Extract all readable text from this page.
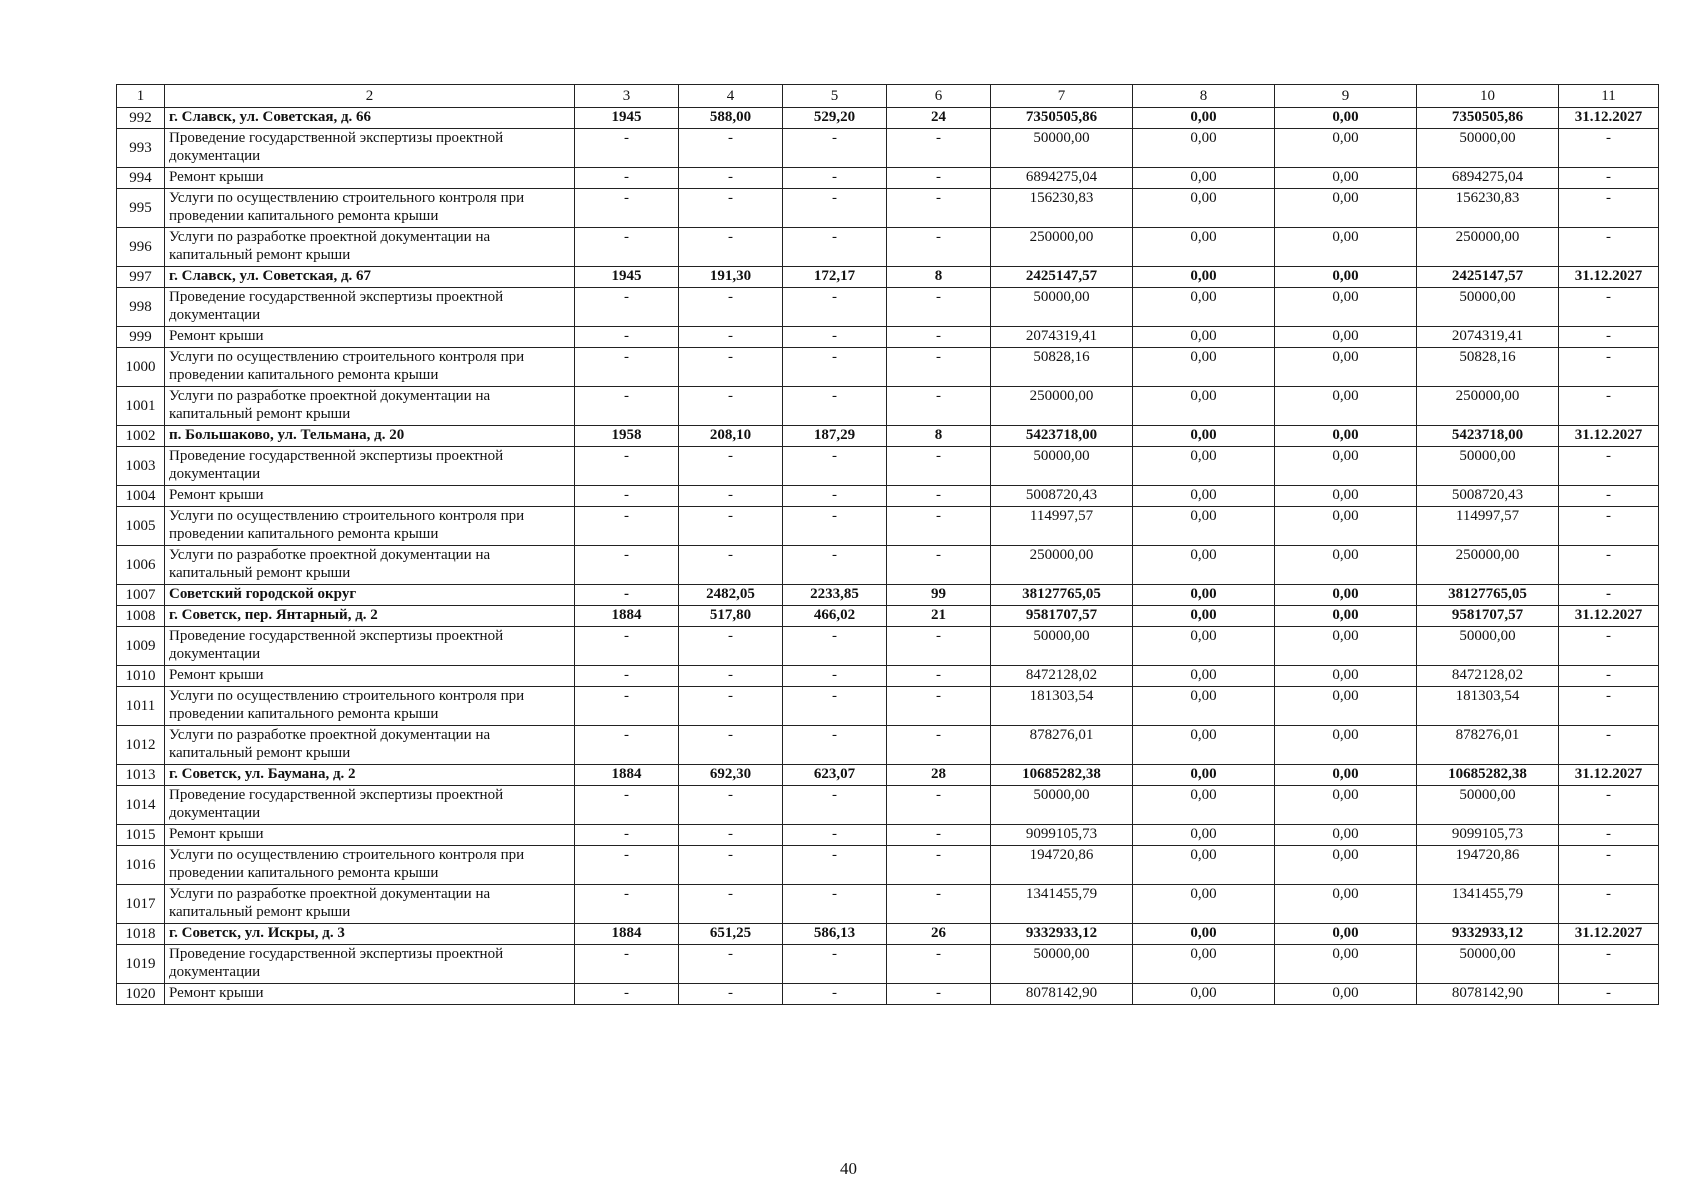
1	2	3	4	5	6	7	8	9	10	11
992	г. Славск, ул. Советская, д. 66	1945	588,00	529,20	24	7350505,86	0,00	0,00	7350505,86	31.12.2027
993	Проведение государственной экспертизы проектной документации	-	-	-	-	50000,00	0,00	0,00	50000,00	-
994	Ремонт крыши	-	-	-	-	6894275,04	0,00	0,00	6894275,04	-
995	Услуги по осуществлению строительного контроля при проведении капитального ремонта крыши	-	-	-	-	156230,83	0,00	0,00	156230,83	-
996	Услуги по разработке проектной документации на капитальный ремонт крыши	-	-	-	-	250000,00	0,00	0,00	250000,00	-
997	г. Славск, ул. Советская, д. 67	1945	191,30	172,17	8	2425147,57	0,00	0,00	2425147,57	31.12.2027
998	Проведение государственной экспертизы проектной документации	-	-	-	-	50000,00	0,00	0,00	50000,00	-
999	Ремонт крыши	-	-	-	-	2074319,41	0,00	0,00	2074319,41	-
1000	Услуги по осуществлению строительного контроля при проведении капитального ремонта крыши	-	-	-	-	50828,16	0,00	0,00	50828,16	-
1001	Услуги по разработке проектной документации на капитальный ремонт крыши	-	-	-	-	250000,00	0,00	0,00	250000,00	-
1002	п. Большаково, ул. Тельмана, д. 20	1958	208,10	187,29	8	5423718,00	0,00	0,00	5423718,00	31.12.2027
1003	Проведение государственной экспертизы проектной документации	-	-	-	-	50000,00	0,00	0,00	50000,00	-
1004	Ремонт крыши	-	-	-	-	5008720,43	0,00	0,00	5008720,43	-
1005	Услуги по осуществлению строительного контроля при проведении капитального ремонта крыши	-	-	-	-	114997,57	0,00	0,00	114997,57	-
1006	Услуги по разработке проектной документации на капитальный ремонт крыши	-	-	-	-	250000,00	0,00	0,00	250000,00	-
1007	Советский городской округ	-	2482,05	2233,85	99	38127765,05	0,00	0,00	38127765,05	-
1008	г. Советск, пер. Янтарный, д. 2	1884	517,80	466,02	21	9581707,57	0,00	0,00	9581707,57	31.12.2027
1009	Проведение государственной экспертизы проектной документации	-	-	-	-	50000,00	0,00	0,00	50000,00	-
1010	Ремонт крыши	-	-	-	-	8472128,02	0,00	0,00	8472128,02	-
1011	Услуги по осуществлению строительного контроля при проведении капитального ремонта крыши	-	-	-	-	181303,54	0,00	0,00	181303,54	-
1012	Услуги по разработке проектной документации на капитальный ремонт крыши	-	-	-	-	878276,01	0,00	0,00	878276,01	-
1013	г. Советск, ул. Баумана, д. 2	1884	692,30	623,07	28	10685282,38	0,00	0,00	10685282,38	31.12.2027
1014	Проведение государственной экспертизы проектной документации	-	-	-	-	50000,00	0,00	0,00	50000,00	-
1015	Ремонт крыши	-	-	-	-	9099105,73	0,00	0,00	9099105,73	-
1016	Услуги по осуществлению строительного контроля при проведении капитального ремонта крыши	-	-	-	-	194720,86	0,00	0,00	194720,86	-
1017	Услуги по разработке проектной документации на капитальный ремонт крыши	-	-	-	-	1341455,79	0,00	0,00	1341455,79	-
1018	г. Советск, ул. Искры, д. 3	1884	651,25	586,13	26	9332933,12	0,00	0,00	9332933,12	31.12.2027
1019	Проведение государственной экспертизы проектной документации	-	-	-	-	50000,00	0,00	0,00	50000,00	-
1020	Ремонт крыши	-	-	-	-	8078142,90	0,00	0,00	8078142,90	-
40
